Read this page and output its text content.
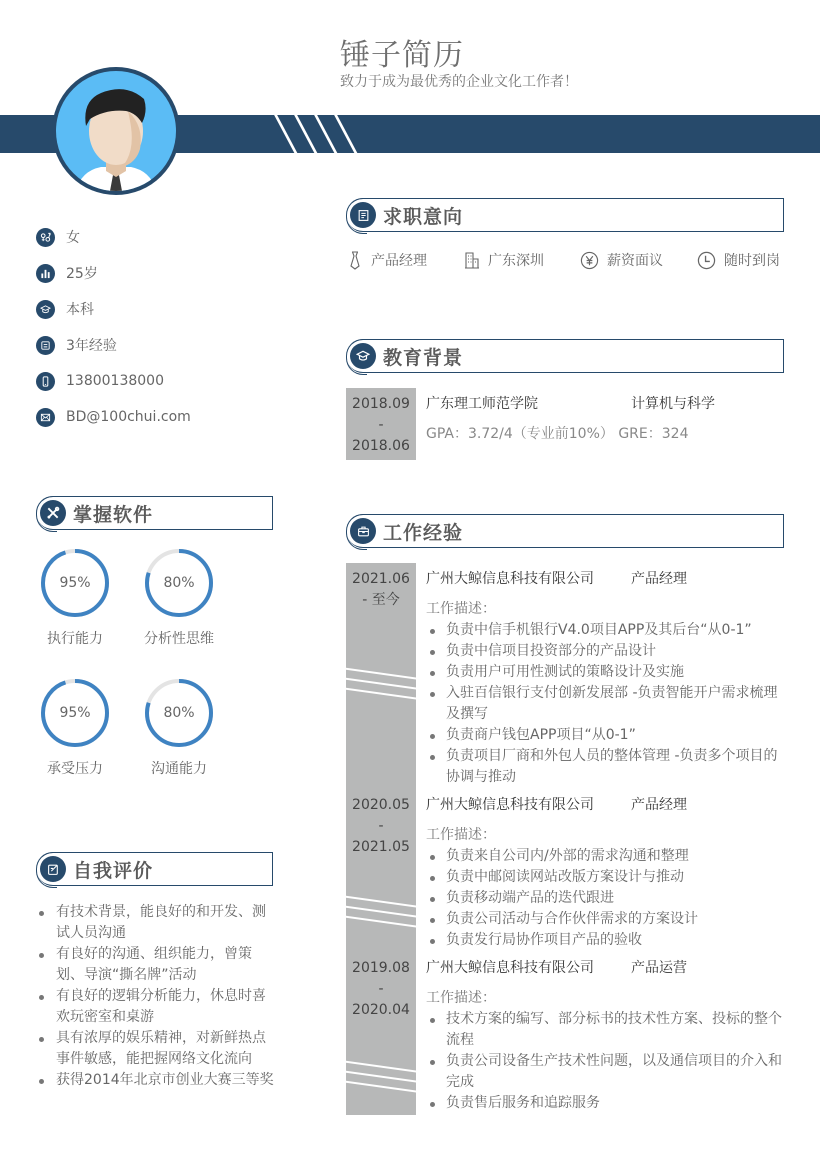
锤子简历
致力于成为最优秀的企业文化工作者！
女
25岁
本科
3年经验
13800138000
BD@100chui.com
求职意向
产品经理	广东深圳	薪资面议	随时到岗
教育背景
2018.09
-
2018.06
广东理工师范学院	计算机与科学
GPA：3.72/4（专业前10%） GRE：324
工作经验
2021.06
- 至今
广州大鲸信息科技有限公司	产品经理
工作描述：
负责中信手机银行V4.0项目APP及其后台“从0-1”
负责中信项目投资部分的产品设计
负责用户可用性测试的策略设计及实施
入驻百信银行支付创新发展部 -负责智能开户需求梳理及撰写
负责商户钱包APP项目“从0-1”
负责项目厂商和外包人员的整体管理 -负责多个项目的协调与推动
2020.05
-
2021.05
广州大鲸信息科技有限公司	产品经理
工作描述：
负责来自公司内/外部的需求沟通和整理
负责中邮阅读网站改版方案设计与推动
负责移动端产品的迭代跟进
负责公司活动与合作伙伴需求的方案设计
负责发行局协作项目产品的验收
2019.08
-
2020.04
广州大鲸信息科技有限公司	产品运营
工作描述：
技术方案的编写、部分标书的技术性方案、投标的整个流程
负责公司设备生产技术性问题，以及通信项目的介入和完成
负责售后服务和追踪服务
掌握软件
95%
执行能力
80%
分析性思维
95%
承受压力
80%
沟通能力
自我评价
有技术背景，能良好的和开发、测试人员沟通
有良好的沟通、组织能力，曾策划、导演“撕名牌”活动
有良好的逻辑分析能力，休息时喜欢玩密室和桌游
具有浓厚的娱乐精神，对新鲜热点事件敏感，能把握网络文化流向
获得2014年北京市创业大赛三等奖
